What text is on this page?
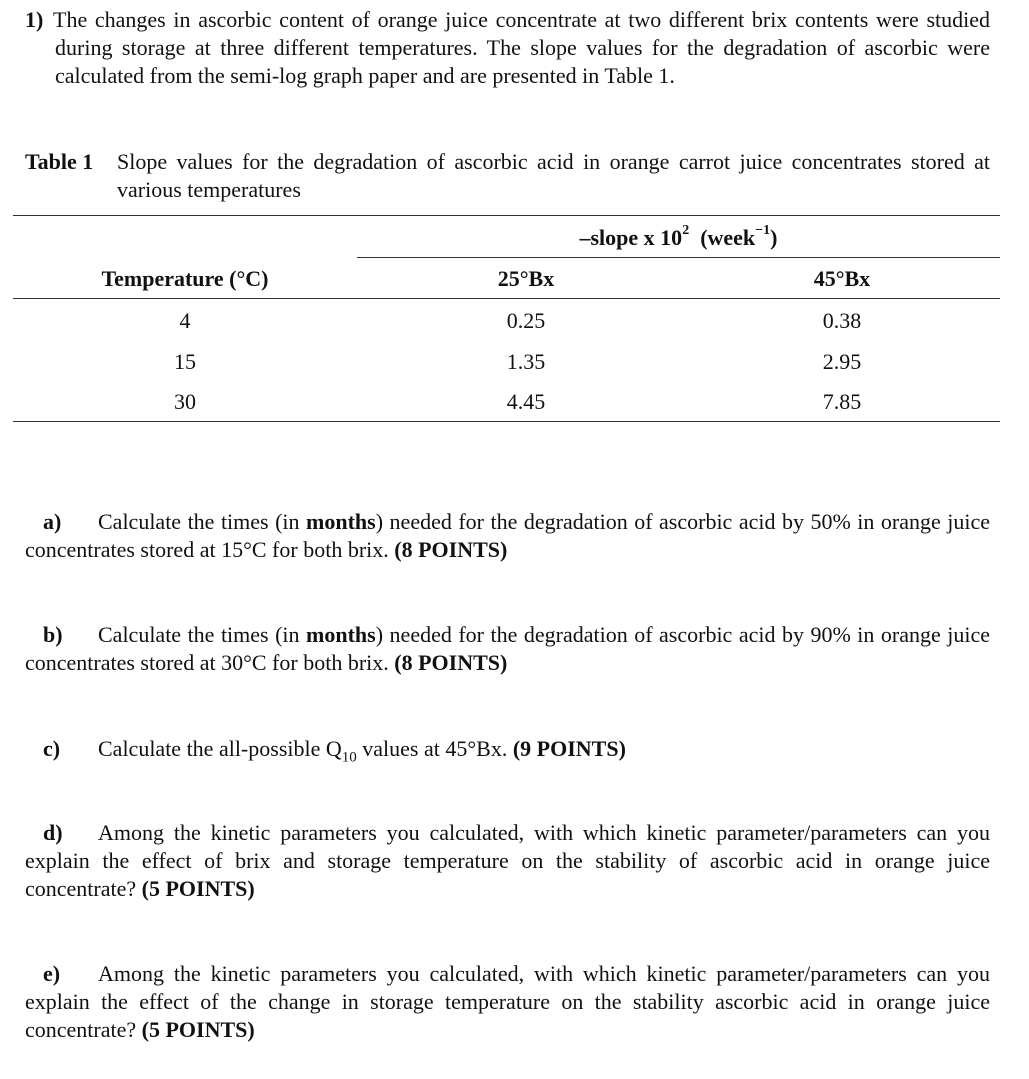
1) The changes in ascorbic content of orange juice concentrate at two different brix contents were studied during storage at three different temperatures. The slope values for the degradation of ascorbic were calculated from the semi-log graph paper and are presented in Table 1.
Table 1	Slope values for the degradation of ascorbic acid in orange carrot juice concentrates stored at various temperatures
–slope x $10^2$ (week$^{-1}$)
Temperature (°C)	25°Bx	45°Bx
4	0.25	0.38
15	1.35	2.95
30	4.45	7.85
a) Calculate the times (in months) needed for the degradation of ascorbic acid by 50% in orange juice concentrates stored at 15°C for both brix. (8 POINTS)
b) Calculate the times (in months) needed for the degradation of ascorbic acid by 90% in orange juice concentrates stored at 30°C for both brix. (8 POINTS)
c) Calculate the all-possible $Q_{10}$ values at 45°Bx. (9 POINTS)
d) Among the kinetic parameters you calculated, with which kinetic parameter/parameters can you explain the effect of brix and storage temperature on the stability of ascorbic acid in orange juice concentrate? (5 POINTS)
e) Among the kinetic parameters you calculated, with which kinetic parameter/parameters can you explain the effect of the change in storage temperature on the stability ascorbic acid in orange juice concentrate? (5 POINTS)
